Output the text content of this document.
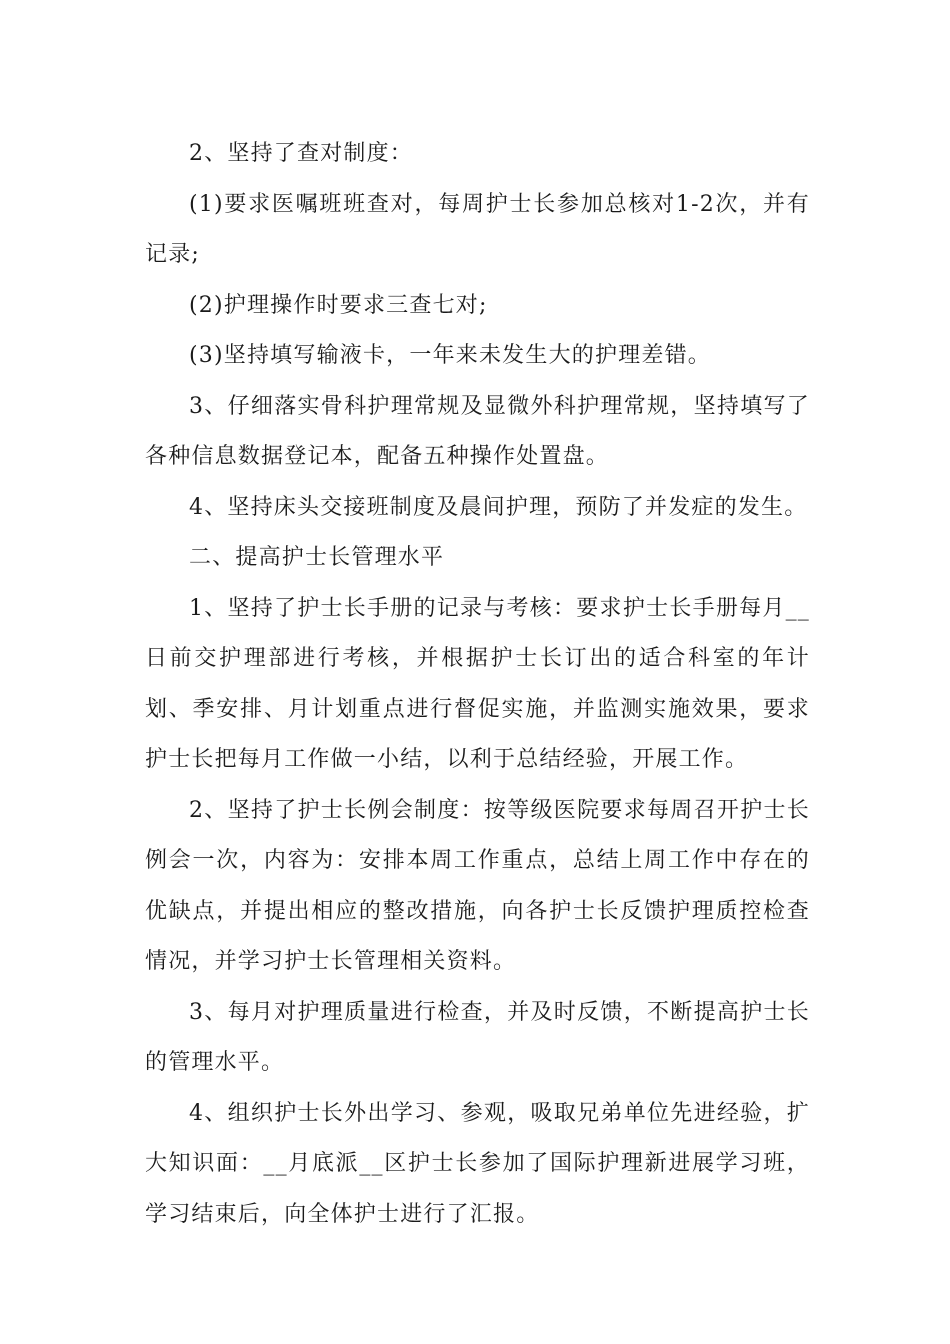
2、坚持了查对制度：

(1)要求医嘱班班查对，每周护士长参加总核对1-2次，并有记录;

(2)护理操作时要求三查七对;

(3)坚持填写输液卡，一年来未发生大的护理差错。

3、仔细落实骨科护理常规及显微外科护理常规，坚持填写了各种信息数据登记本，配备五种操作处置盘。

4、坚持床头交接班制度及晨间护理，预防了并发症的发生。

二、提高护士长管理水平

1、坚持了护士长手册的记录与考核：要求护士长手册每月__日前交护理部进行考核，并根据护士长订出的适合科室的年计划、季安排、月计划重点进行督促实施，并监测实施效果，要求护士长把每月工作做一小结，以利于总结经验，开展工作。

2、坚持了护士长例会制度：按等级医院要求每周召开护士长例会一次，内容为：安排本周工作重点，总结上周工作中存在的优缺点，并提出相应的整改措施，向各护士长反馈护理质控检查情况，并学习护士长管理相关资料。

3、每月对护理质量进行检查，并及时反馈，不断提高护士长的管理水平。

4、组织护士长外出学习、参观，吸取兄弟单位先进经验，扩大知识面：__月底派__区护士长参加了国际护理新进展学习班，学习结束后，向全体护士进行了汇报。
